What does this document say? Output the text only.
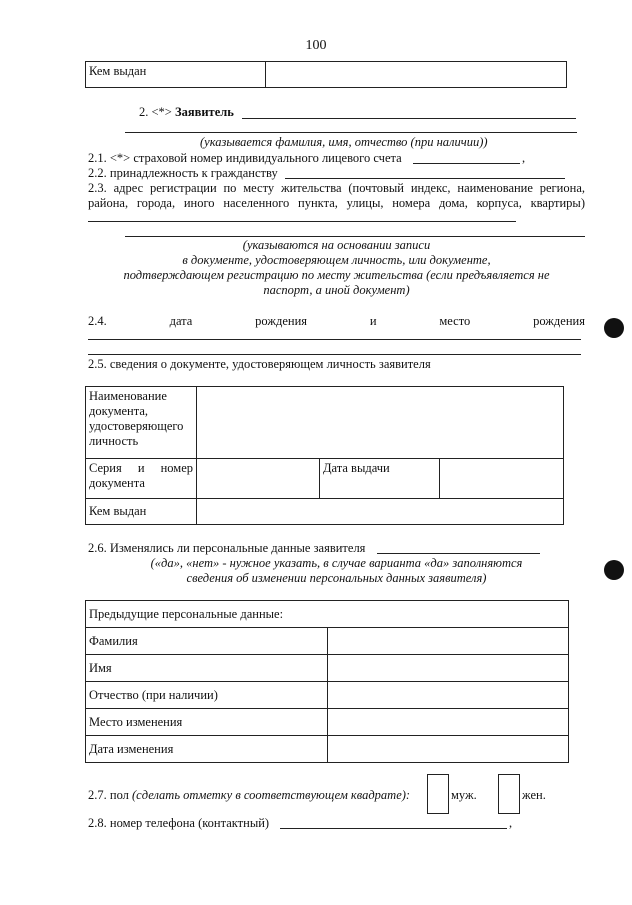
100
Кем выдан	
2. <*> Заявитель
(указывается фамилия, имя, отчество (при наличии))
2.1. <*> страховой номер индивидуального лицевого счета	,
2.2. принадлежность к гражданству
2.3. адрес регистрации по месту жительства (почтовый индекс, наименование региона,
района, города, иного населенного пункта, улицы, номера дома, корпуса, квартиры)
(указываются на основании записи
в документе, удостоверяющем личность, или документе,
подтверждающем регистрацию по месту жительства (если предъявляется не
паспорт, а иной документ)
2.4.	дата	рождения	и	место	рождения
2.5. сведения о документе, удостоверяющем личность заявителя
Наименование документа, удостоверяющего личность			
Серия и номер документа		Дата выдачи	
Кем выдан			
2.6. Изменялись ли персональные данные заявителя
(«да», «нет» - нужное указать, в случае варианта «да» заполняются
сведения об изменении персональных данных заявителя)
Предыдущие персональные данные:	
Фамилия	
Имя	
Отчество (при наличии)	
Место изменения	
Дата изменения	
2.7. пол (сделать отметку в соответствующем квадрате):	муж.	жен.
2.8. номер телефона (контактный)	,
